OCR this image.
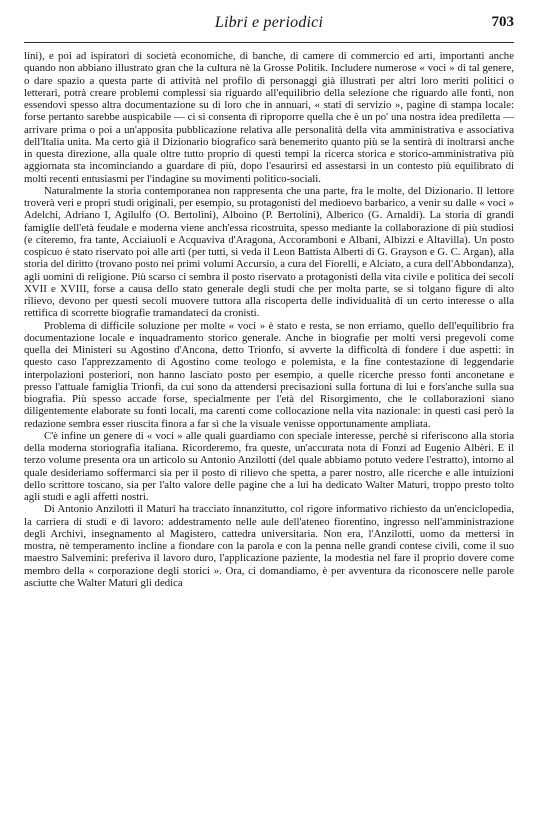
Libri e periodici	703

lini), e poi ad ispiratori di società economiche, di banche, di camere di commercio ed arti, importanti anche quando non abbiano illustrato gran che la cultura nè la Grosse Politik. Includere numerose « voci » di tal genere, o dare spazio a questa parte di attività nel profilo di personaggi già illustrati per altri loro meriti politici o letterari, potrà creare problemi complessi sia riguardo all'equilibrio della selezione che riguardo alle fonti, non essendovi spesso altra documentazione su di loro che in annuari, « stati di servizio », pagine di stampa locale: forse pertanto sarebbe auspicabile — ci si consenta di riproporre quella che è un po' una nostra idea prediletta — arrivare prima o poi a un'apposita pubblicazione relativa alle personalità della vita amministrativa e associativa dell'Italia unita. Ma certo già il Dizionario biografico sarà benemerito quanto più se la sentirà di inoltrarsi anche in questa direzione, alla quale oltre tutto proprio di questi tempi la ricerca storica e storico-amministrativa più aggiornata sta incominciando a guardare di più, dopo l'esaurirsi ed assestarsi in un contesto più equilibrato di molti recenti entusiasmi per l'indagine su movimenti politico-sociali.

Naturalmente la storia contemporanea non rappresenta che una parte, fra le molte, del Dizionario. Il lettore troverà veri e propri studi originali, per esempio, su protagonisti del medioevo barbarico, a venir su dalle « voci » Adelchi, Adriano I, Agilulfo (O. Bertolini), Alboino (P. Bertolini), Alberico (G. Arnaldi). La storia di grandi famiglie dell'età feudale e moderna viene anch'essa ricostruita, spesso mediante la collaborazione di più studiosi (e citeremo, fra tante, Acciaiuoli e Acquaviva d'Aragona, Accoramboni e Albani, Albizzi e Altavilla). Un posto cospicuo è stato riservato poi alle arti (per tutti, si veda il Leon Battista Alberti di G. Grayson e G. C. Argan), alla storia del diritto (trovano posto nei primi volumi Accursio, a cura del Fiorelli, e Alciato, a cura dell'Abbondanza), agli uomini di religione. Più scarso ci sembra il posto riservato a protagonisti della vita civile e politica dei secoli XVII e XVIII, forse a causa dello stato generale degli studi che per molta parte, se si tolgano figure di alto rilievo, devono per questi secoli muovere tuttora alla riscoperta delle individualità di un certo interesse o alla rettifica di scorrette biografie tramandateci da cronisti.

Problema di difficile soluzione per molte « voci » è stato e resta, se non erriamo, quello dell'equilibrio fra documentazione locale e inquadramento storico generale. Anche in biografie per molti versi pregevoli come quella dei Ministeri su Agostino d'Ancona, detto Trionfo, si avverte la difficoltà di fondere i due aspetti: in questo caso l'apprezzamento di Agostino come teologo e polemista, e la fine contestazione di leggendarie interpolazioni posteriori, non hanno lasciato posto per esempio, a quelle ricerche presso fonti anconetane e presso l'attuale famiglia Trionfi, da cui sono da attendersi precisazioni sulla fortuna di lui e fors'anche sulla sua biografia. Più spesso accade forse, specialmente per l'età del Risorgimento, che le collaborazioni siano diligentemente elaborate su fonti locali, ma carenti come collocazione nella vita nazionale: in questi casi però la redazione sembra esser riuscita finora a far sì che la visuale venisse opportunamente ampliata.

C'è infine un genere di « voci » alle quali guardiamo con speciale interesse, perchè si riferiscono alla storia della moderna storiografia italiana. Ricorderemo, fra queste, un'accurata nota di Fonzi ad Eugenio Albèri. E il terzo volume presenta ora un articolo su Antonio Anzilotti (del quale abbiamo potuto vedere l'estratto), intorno al quale desideriamo soffermarci sia per il posto di rilievo che spetta, a parer nostro, alle ricerche e alle intuizioni dello scrittore toscano, sia per l'alto valore delle pagine che a lui ha dedicato Walter Maturi, troppo presto tolto agli studi e agli affetti nostri.

Di Antonio Anzilotti il Maturi ha tracciato innanzitutto, col rigore informativo richiesto da un'enciclopedia, la carriera di studi e di lavoro: addestramento nelle aule dell'ateneo fiorentino, ingresso nell'amministrazione degli Archivi, insegnamento al Magistero, cattedra universitaria. Non era, l'Anzilotti, uomo da mettersi in mostra, nè temperamento incline a fiondare con la parola e con la penna nelle grandi contese civili, come il suo maestro Salvemini: preferiva il lavoro duro, l'applicazione paziente, la modestia nel fare il proprio dovere come membro della « corporazione degli storici ». Ora, ci domandiamo, è per avventura da riconoscere nelle parole asciutte che Walter Maturi gli dedica
